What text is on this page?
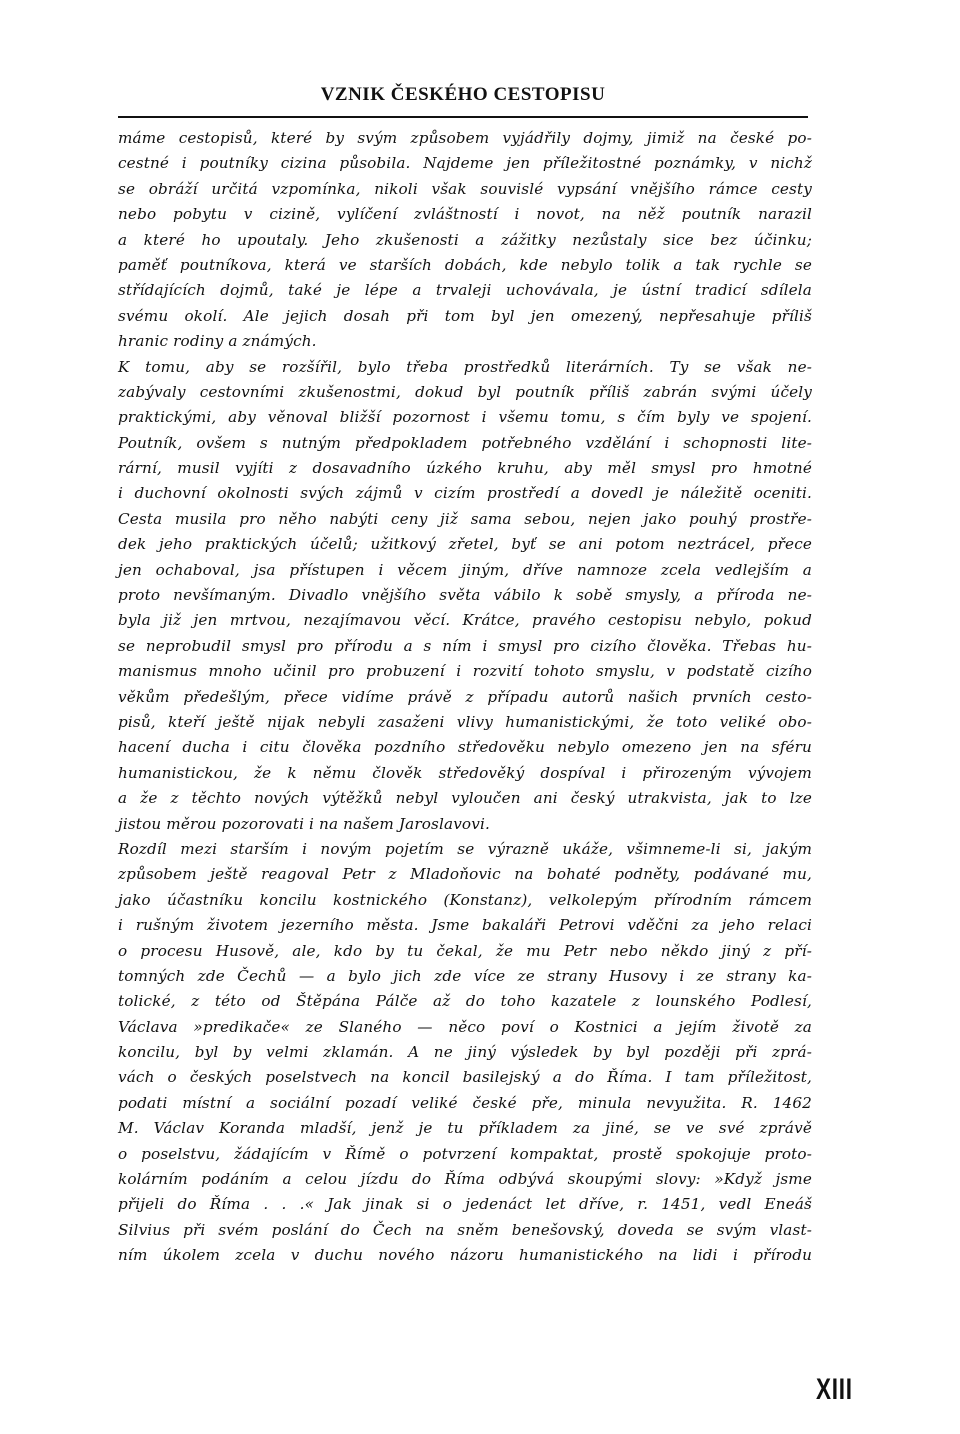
VZNIK ČESKÉHO CESTOPISU
máme cestopisů, které by svým způsobem vyjádřily dojmy, jimiž na české po-
cestné i poutníky cizina působila. Najdeme jen příležitostné poznámky, v nichž
se obráží určitá vzpomínka, nikoli však souvislé vypsání vnějšího rámce cesty
nebo pobytu v cizině, vylíčení zvláštností i novot, na něž poutník narazil
a které ho upoutaly. Jeho zkušenosti a zážitky nezůstaly sice bez účinku;
paměť poutníkova, která ve starších dobách, kde nebylo tolik a tak rychle se
střídajících dojmů, také je lépe a trvaleji uchovávala, je ústní tradicí sdílela
svému okolí. Ale jejich dosah při tom byl jen omezený, nepřesahuje příliš
hranic rodiny a známých.
K tomu, aby se rozšířil, bylo třeba prostředků literárních. Ty se však ne-
zabývaly cestovními zkušenostmi, dokud byl poutník příliš zabrán svými účely
praktickými, aby věnoval bližší pozornost i všemu tomu, s čím byly ve spojení.
Poutník, ovšem s nutným předpokladem potřebného vzdělání i schopnosti lite-
rární, musil vyjíti z dosavadního úzkého kruhu, aby měl smysl pro hmotné
i duchovní okolnosti svých zájmů v cizím prostředí a dovedl je náležitě oceniti.
Cesta musila pro něho nabýti ceny již sama sebou, nejen jako pouhý prostře-
dek jeho praktických účelů; užitkový zřetel, byť se ani potom neztrácel, přece
jen ochaboval, jsa přístupen i věcem jiným, dříve namnoze zcela vedlejším a
proto nevšímaným. Divadlo vnějšího světa vábilo k sobě smysly, a příroda ne-
byla již jen mrtvou, nezajímavou věcí. Krátce, pravého cestopisu nebylo, pokud
se neprobudil smysl pro přírodu a s ním i smysl pro cizího člověka. Třebas hu-
manismus mnoho učinil pro probuzení i rozvití tohoto smyslu, v podstatě cizího
věkům předešlým, přece vidíme právě z případu autorů našich prvních cesto-
pisů, kteří ještě nijak nebyli zasaženi vlivy humanistickými, že toto veliké obo-
hacení ducha i citu člověka pozdního středověku nebylo omezeno jen na sféru
humanistickou, že k němu člověk středověký dospíval i přirozeným vývojem
a že z těchto nových výtěžků nebyl vyloučen ani český utrakvista, jak to lze
jistou měrou pozorovati i na našem Jaroslavovi.
Rozdíl mezi starším i novým pojetím se výrazně ukáže, všimneme-li si, jakým
způsobem ještě reagoval Petr z Mladoňovic na bohaté podněty, podávané mu,
jako účastníku koncilu kostnického (Konstanz), velkolepým přírodním rámcem
i rušným životem jezerního města. Jsme bakaláři Petrovi vděčni za jeho relaci
o procesu Husově, ale, kdo by tu čekal, že mu Petr nebo někdo jiný z pří-
tomných zde Čechů — a bylo jich zde více ze strany Husovy i ze strany ka-
tolické, z této od Štěpána Pálče až do toho kazatele z lounského Podlesí,
Václava »predikače« ze Slaného — něco poví o Kostnici a jejím životě za
koncilu, byl by velmi zklamán. A ne jiný výsledek by byl později při zprá-
vách o českých poselstvech na koncil basilejský a do Říma. I tam příležitost,
podati místní a sociální pozadí veliké české pře, minula nevyužita. R. 1462
M. Václav Koranda mladší, jenž je tu příkladem za jiné, se ve své zprávě
o poselstvu, žádajícím v Římě o potvrzení kompaktat, prostě spokojuje proto-
kolárním podáním a celou jízdu do Říma odbývá skoupými slovy: »Když jsme
přijeli do Říma . . .« Jak jinak si o jedenáct let dříve, r. 1451, vedl Eneáš
Silvius při svém poslání do Čech na sněm benešovský, doveda se svým vlast-
ním úkolem zcela v duchu nového názoru humanistického na lidi i přírodu
XIII
